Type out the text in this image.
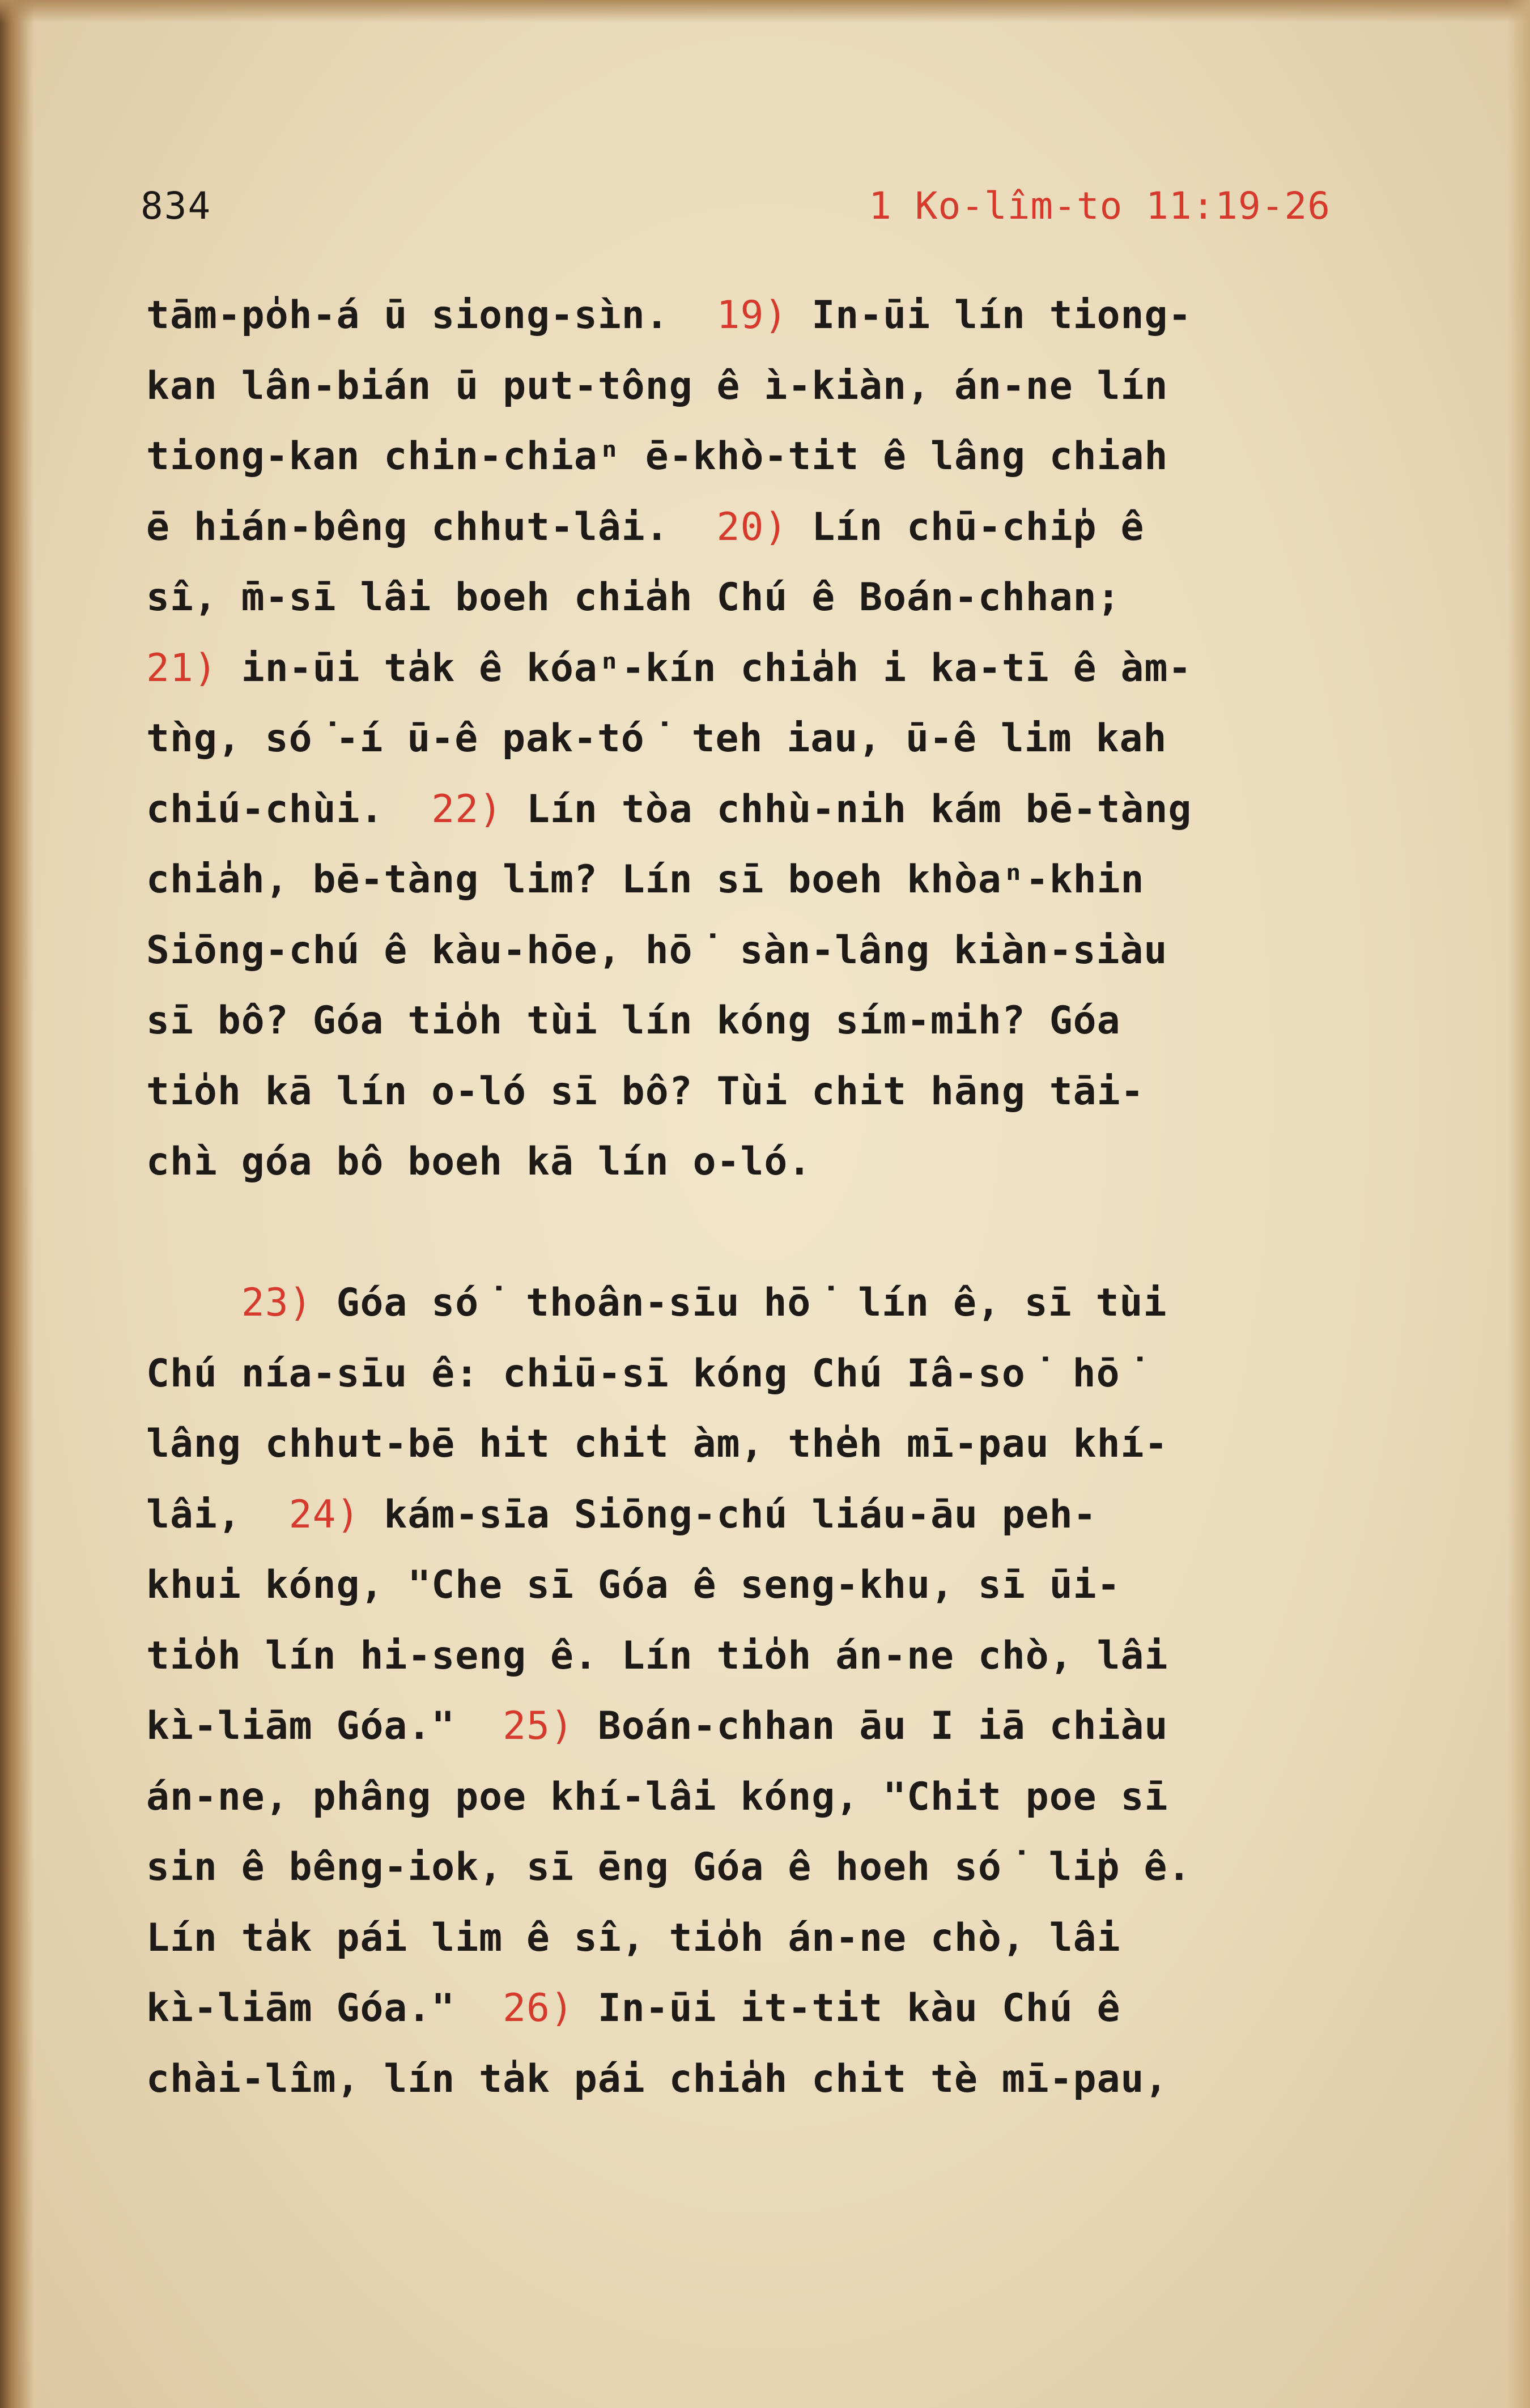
834	1 Ko-lîm-to 11:19-26
tām-po̍h-á ū siong-sìn.  19) In-ūi lín tiong-
kan lân-bián ū put-tông ê ì-kiàn, án-ne lín
tiong-kan chin-chiaⁿ ē-khò-tit ê lâng chiah
ē hián-bêng chhut-lâi.  20) Lín chū-chi̍p ê
sî, m̄-sī lâi boeh chia̍h Chú ê Boán-chhan;
21) in-ūi ta̍k ê kóaⁿ-kín chia̍h i ka-tī ê àm-
tǹg, só͘-í ū-ê pak-tó͘ teh iau, ū-ê lim kah
chiú-chùi.  22) Lín tòa chhù-nih kám bē-tàng
chia̍h, bē-tàng lim? Lín sī boeh khòaⁿ-khin
Siōng-chú ê kàu-hōe, hō͘ sàn-lâng kiàn-siàu
sī bô? Góa tio̍h tùi lín kóng sím-mih? Góa
tio̍h kā lín o-ló sī bô? Tùi chit hāng tāi-
chì góa bô boeh kā lín o-ló.
23) Góa só͘ thoân-sīu hō͘ lín ê, sī tùi
Chú nía-sīu ê: chiū-sī kóng Chú Iâ-so͘ hō͘
lâng chhut-bē hit chi̍t àm, the̍h mī-pau khí-
lâi,  24) kám-sīa Siōng-chú liáu-āu peh-
khui kóng, "Che sī Góa ê seng-khu, sī ūi-
tio̍h lín hi-seng ê. Lín tio̍h án-ne chò, lâi
kì-liām Góa."  25) Boán-chhan āu I iā chiàu
án-ne, phâng poe khí-lâi kóng, "Chit poe sī
sin ê bêng-iok, sī ēng Góa ê hoeh só͘ li̍p ê.
Lín ta̍k pái lim ê sî, tio̍h án-ne chò, lâi
kì-liām Góa."  26) In-ūi it-tit kàu Chú ê
chài-lîm, lín ta̍k pái chia̍h chit tè mī-pau,
